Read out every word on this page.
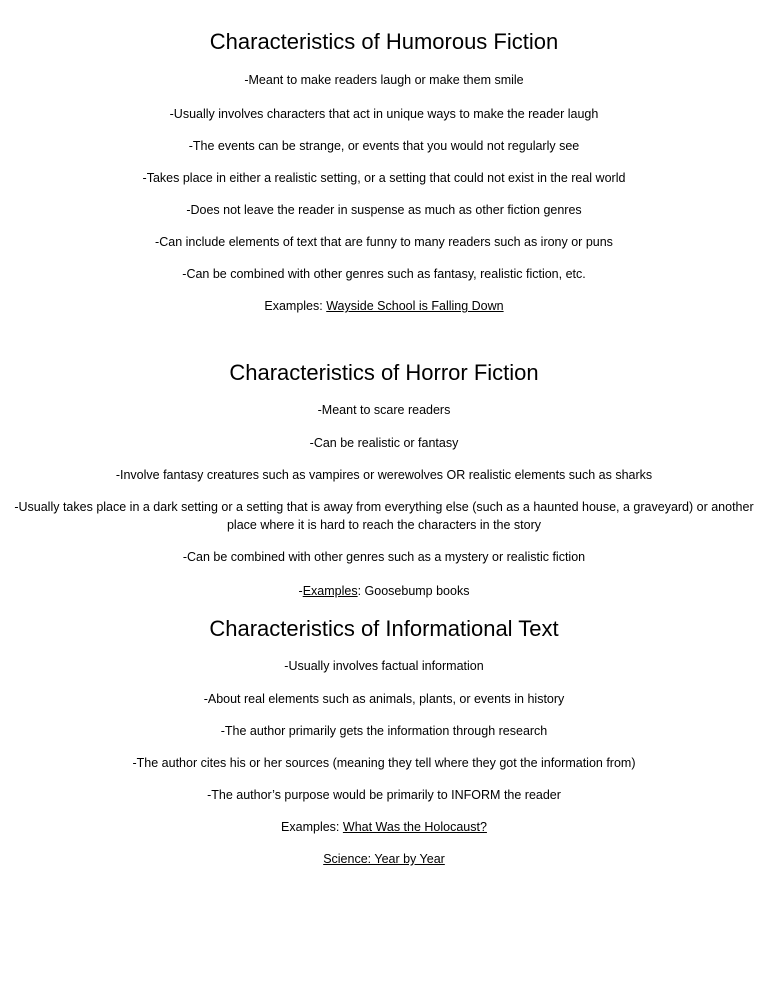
Characteristics of Humorous Fiction
-Meant to make readers laugh or make them smile
-Usually involves characters that act in unique ways to make the reader laugh
-The events can be strange, or events that you would not regularly see
-Takes place in either a realistic setting, or a setting that could not exist in the real world
-Does not leave the reader in suspense as much as other fiction genres
-Can include elements of text that are funny to many readers such as irony or puns
-Can be combined with other genres such as fantasy, realistic fiction, etc.
Examples: Wayside School is Falling Down
Characteristics of Horror Fiction
-Meant to scare readers
-Can be realistic or fantasy
-Involve fantasy creatures such as vampires or werewolves OR realistic elements such as sharks
-Usually takes place in a dark setting or a setting that is away from everything else (such as a haunted house, a graveyard) or another place where it is hard to reach the characters in the story
-Can be combined with other genres such as a mystery or realistic fiction
-Examples: Goosebump books
Characteristics of Informational Text
-Usually involves factual information
-About real elements such as animals, plants, or events in history
-The author primarily gets the information through research
-The author cites his or her sources (meaning they tell where they got the information from)
-The author’s purpose would be primarily to INFORM the reader
Examples: What Was the Holocaust?
Science: Year by Year
